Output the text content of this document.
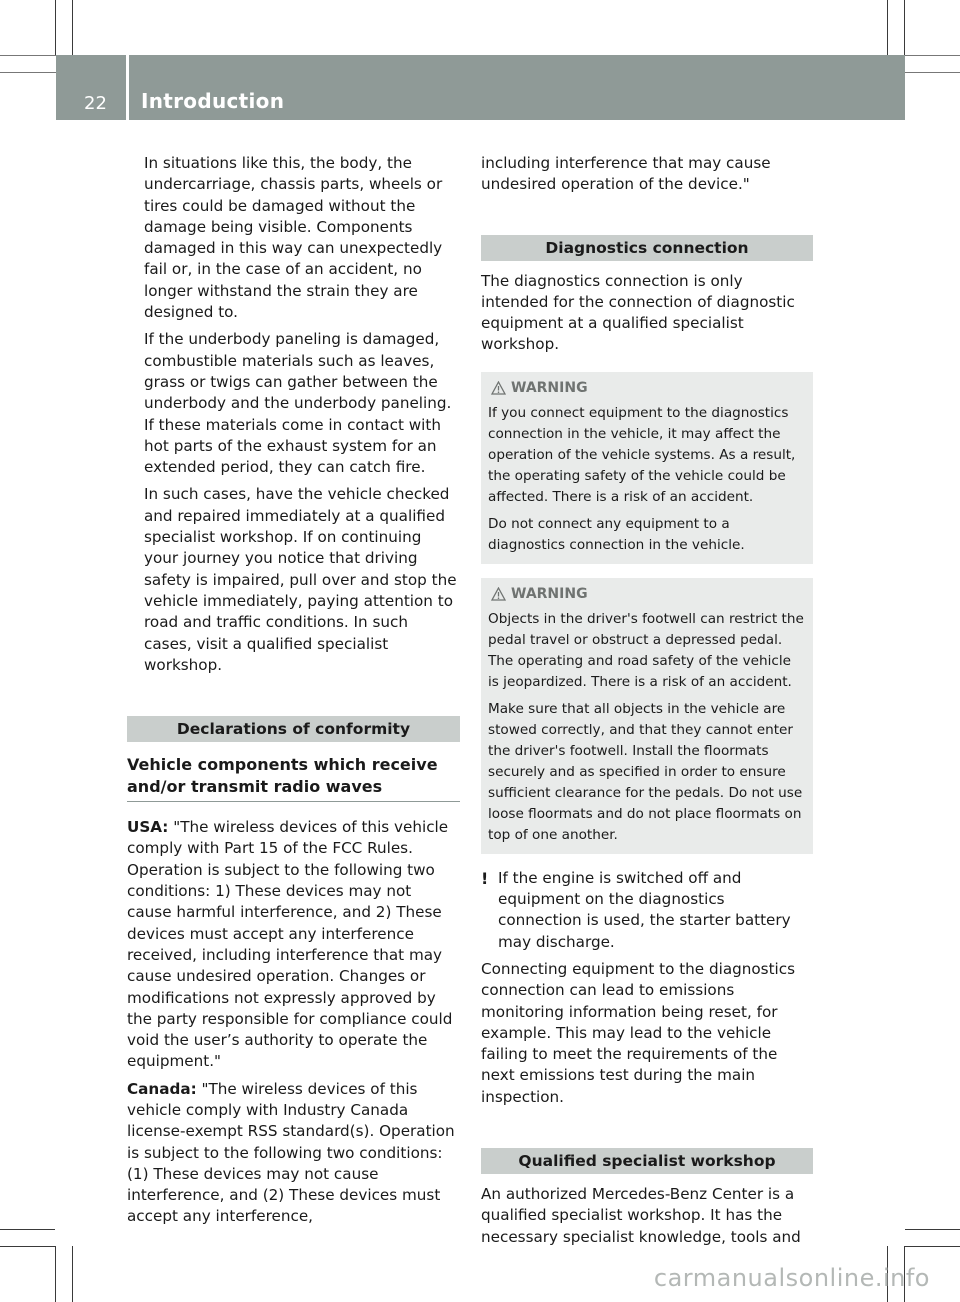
22 Introduction

In situations like this, the body, the undercarriage, chassis parts, wheels or tires could be damaged without the damage being visible. Components damaged in this way can unexpectedly fail or, in the case of an accident, no longer withstand the strain they are designed to.

If the underbody paneling is damaged, combustible materials such as leaves, grass or twigs can gather between the underbody and the underbody paneling. If these materials come in contact with hot parts of the exhaust system for an extended period, they can catch fire.

In such cases, have the vehicle checked and repaired immediately at a qualified specialist workshop. If on continuing your journey you notice that driving safety is impaired, pull over and stop the vehicle immediately, paying attention to road and traffic conditions. In such cases, visit a qualified specialist workshop.

Declarations of conformity
Vehicle components which receive and/or transmit radio waves

USA: "The wireless devices of this vehicle comply with Part 15 of the FCC Rules. Operation is subject to the following two conditions: 1) These devices may not cause harmful interference, and 2) These devices must accept any interference received, including interference that may cause undesired operation. Changes or modifications not expressly approved by the party responsible for compliance could void the user’s authority to operate the equipment."

Canada: "The wireless devices of this vehicle comply with Industry Canada license-exempt RSS standard(s). Operation is subject to the following two conditions: (1) These devices may not cause interference, and (2) These devices must accept any interference,

including interference that may cause undesired operation of the device."

Diagnostics connection

The diagnostics connection is only intended for the connection of diagnostic equipment at a qualified specialist workshop.

WARNING

If you connect equipment to the diagnostics connection in the vehicle, it may affect the operation of the vehicle systems. As a result, the operating safety of the vehicle could be affected. There is a risk of an accident.

Do not connect any equipment to a diagnostics connection in the vehicle.

WARNING

Objects in the driver's footwell can restrict the pedal travel or obstruct a depressed pedal. The operating and road safety of the vehicle is jeopardized. There is a risk of an accident.

Make sure that all objects in the vehicle are stowed correctly, and that they cannot enter the driver's footwell. Install the floormats securely and as specified in order to ensure sufficient clearance for the pedals. Do not use loose floormats and do not place floormats on top of one another.

! If the engine is switched off and equipment on the diagnostics connection is used, the starter battery may discharge.

Connecting equipment to the diagnostics connection can lead to emissions monitoring information being reset, for example. This may lead to the vehicle failing to meet the requirements of the next emissions test during the main inspection.

Qualified specialist workshop

An authorized Mercedes-Benz Center is a qualified specialist workshop. It has the necessary specialist knowledge, tools and

carmanualsonline.info
